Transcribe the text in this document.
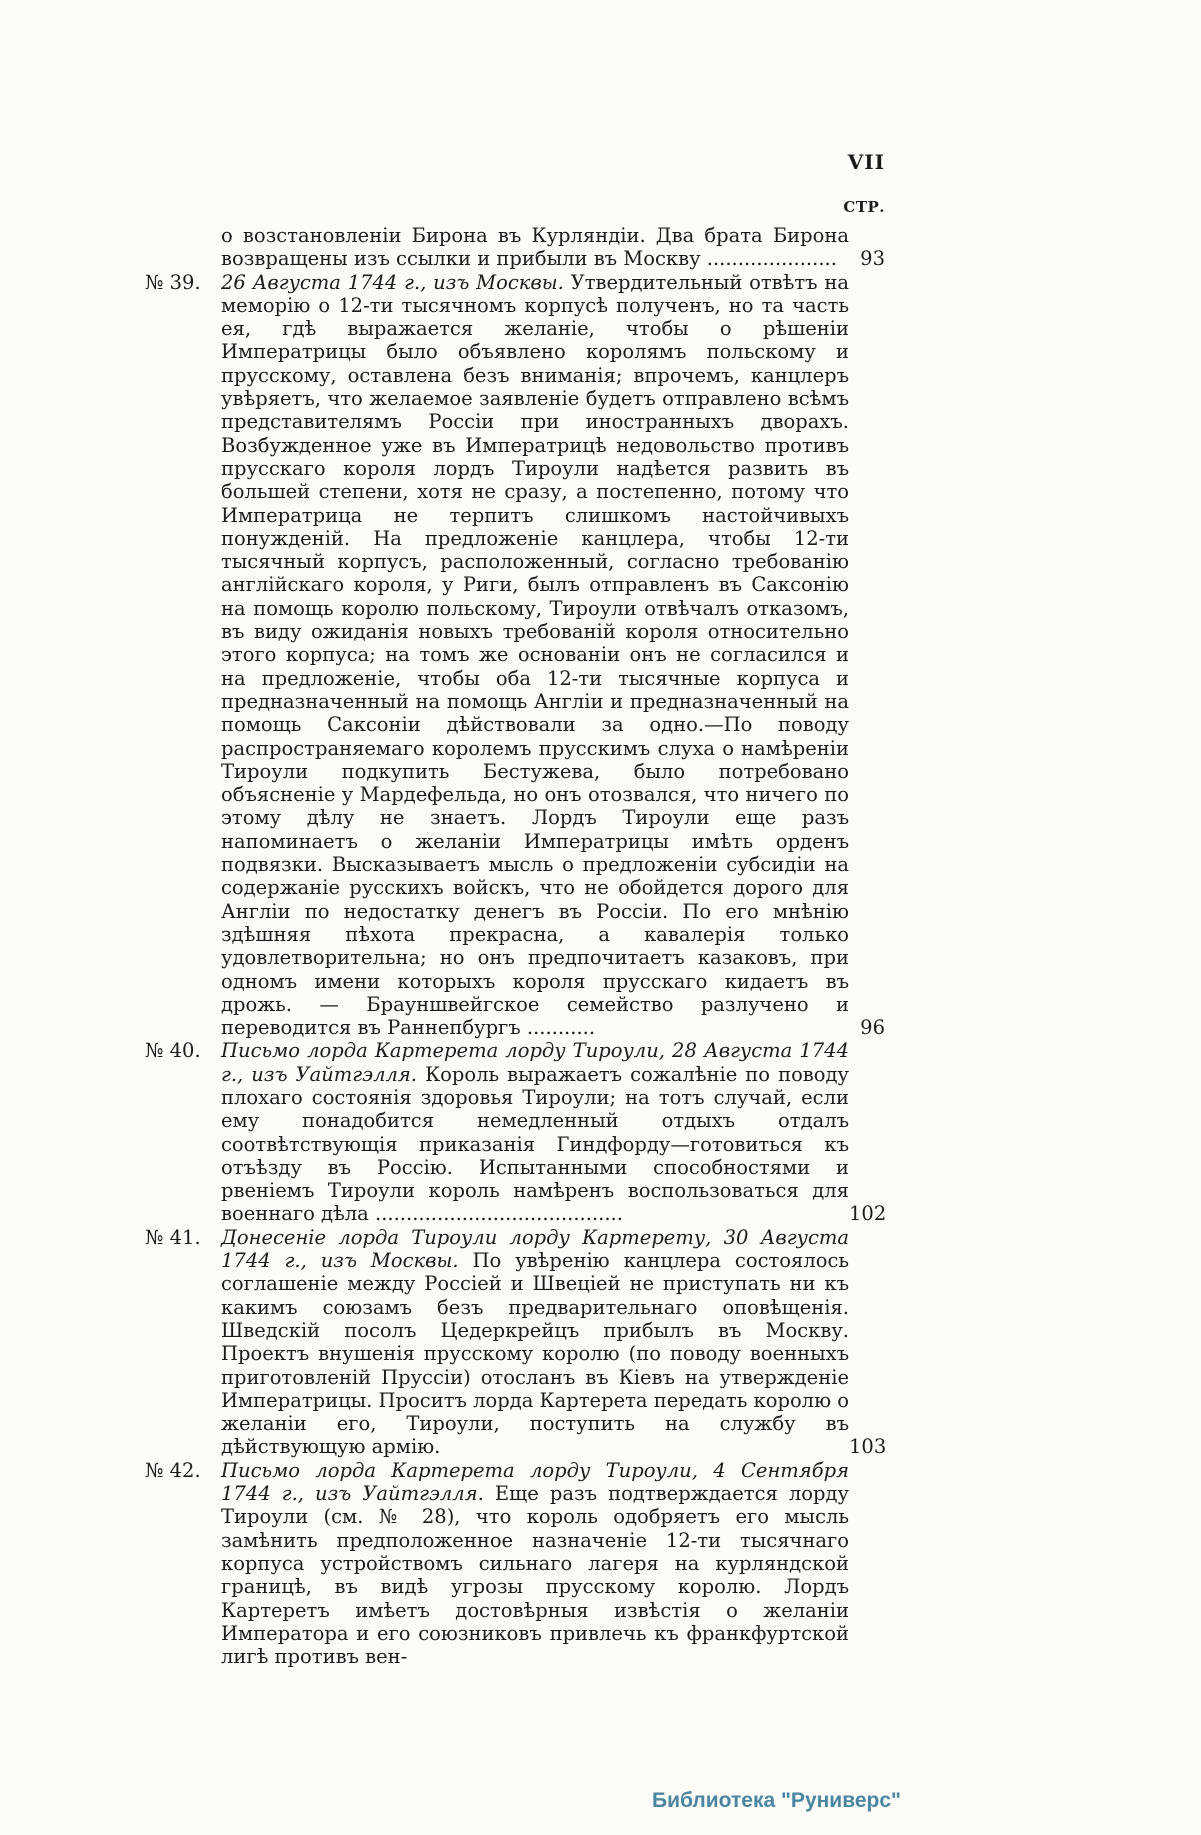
VII
СТР.
о возстановленіи Бирона въ Курляндіи. Два брата Бирона возвращены изъ ссылки и прибыли въ Москву .....................	93
№ 39.	26 Августа 1744 г., изъ Москвы. Утвердительный отвѣтъ на меморію о 12-ти тысячномъ корпусѣ полученъ, но та часть ея, гдѣ выражается желаніе, чтобы о рѣшеніи Императрицы было объявлено королямъ польскому и прусскому, оставлена безъ вниманія; впрочемъ, канцлеръ увѣряетъ, что желаемое заявленіе будетъ отправлено всѣмъ представителямъ Россіи при иностранныхъ дворахъ. Возбужденное уже въ Императрицѣ недовольство противъ прусскаго короля лордъ Тироули надѣется развить въ большей степени, хотя не сразу, а постепенно, потому что Императрица не терпитъ слишкомъ настойчивыхъ понужденій. На предложеніе канцлера, чтобы 12-ти тысячный корпусъ, расположенный, согласно требованію англійскаго короля, у Риги, былъ отправленъ въ Саксонію на помощь королю польскому, Тироули отвѣчалъ отказомъ, въ виду ожиданія новыхъ требованій короля относительно этого корпуса; на томъ же основаніи онъ не согласился и на предложеніе, чтобы оба 12-ти тысячные корпуса и предназначенный на помощь Англіи и предназначенный на помощь Саксоніи дѣйствовали за одно.—По поводу распространяемаго королемъ прусскимъ слуха о намѣреніи Тироули подкупить Бестужева, было потребовано объясненіе у Мардефельда, но онъ отозвался, что ничего по этому дѣлу не знаетъ. Лордъ Тироули еще разъ напоминаетъ о желаніи Императрицы имѣть орденъ подвязки. Высказываетъ мысль о предложеніи субсидіи на содержаніе русскихъ войскъ, что не обойдется дорого для Англіи по недостатку денегъ въ Россіи. По его мнѣнію здѣшняя пѣхота прекрасна, а кавалерія только удовлетворительна; но онъ предпочитаетъ казаковъ, при одномъ имени которыхъ короля прусскаго кидаетъ въ дрожь. — Брауншвейгское семейство разлучено и переводится въ Раннепбургъ ...........	96
№ 40.	Письмо лорда Картерета лорду Тироули, 28 Августа 1744 г., изъ Уайтгэлля. Король выражаетъ сожалѣніе по поводу плохаго состоянія здоровья Тироули; на тотъ случай, если ему понадобится немедленный отдыхъ отдалъ соотвѣтствующія приказанія Гиндфорду—готовиться къ отъѣзду въ Россію. Испытанными способностями и рвеніемъ Тироули король намѣренъ воспользоваться для военнаго дѣла ........................................	102
№ 41.	Донесеніе лорда Тироули лорду Картерету, 30 Августа 1744 г., изъ Москвы. По увѣренію канцлера состоялось соглашеніе между Россіей и Швеціей не приступать ни къ какимъ союзамъ безъ предварительнаго оповѣщенія. Шведскій посолъ Цедеркрейцъ прибылъ въ Москву. Проектъ внушенія прусскому королю (по поводу военныхъ приготовленій Пруссіи) отосланъ въ Кіевъ на утвержденіе Императрицы. Проситъ лорда Картерета передать королю о желаніи его, Тироули, поступить на службу въ дѣйствующую армію.	103
№ 42.	Письмо лорда Картерета лорду Тироули, 4 Сентября 1744 г., изъ Уайтгэлля. Еще разъ подтверждается лорду Тироули (см. № 28), что король одобряетъ его мысль замѣнить предположенное назначеніе 12-ти тысячнаго корпуса устройствомъ сильнаго лагеря на курляндской границѣ, въ видѣ угрозы прусскому королю. Лордъ Картеретъ имѣетъ достовѣрныя извѣстія о желаніи Императора и его союзниковъ привлечь къ франкфуртской лигѣ противъ вен-
Библиотека "Руниверс"
